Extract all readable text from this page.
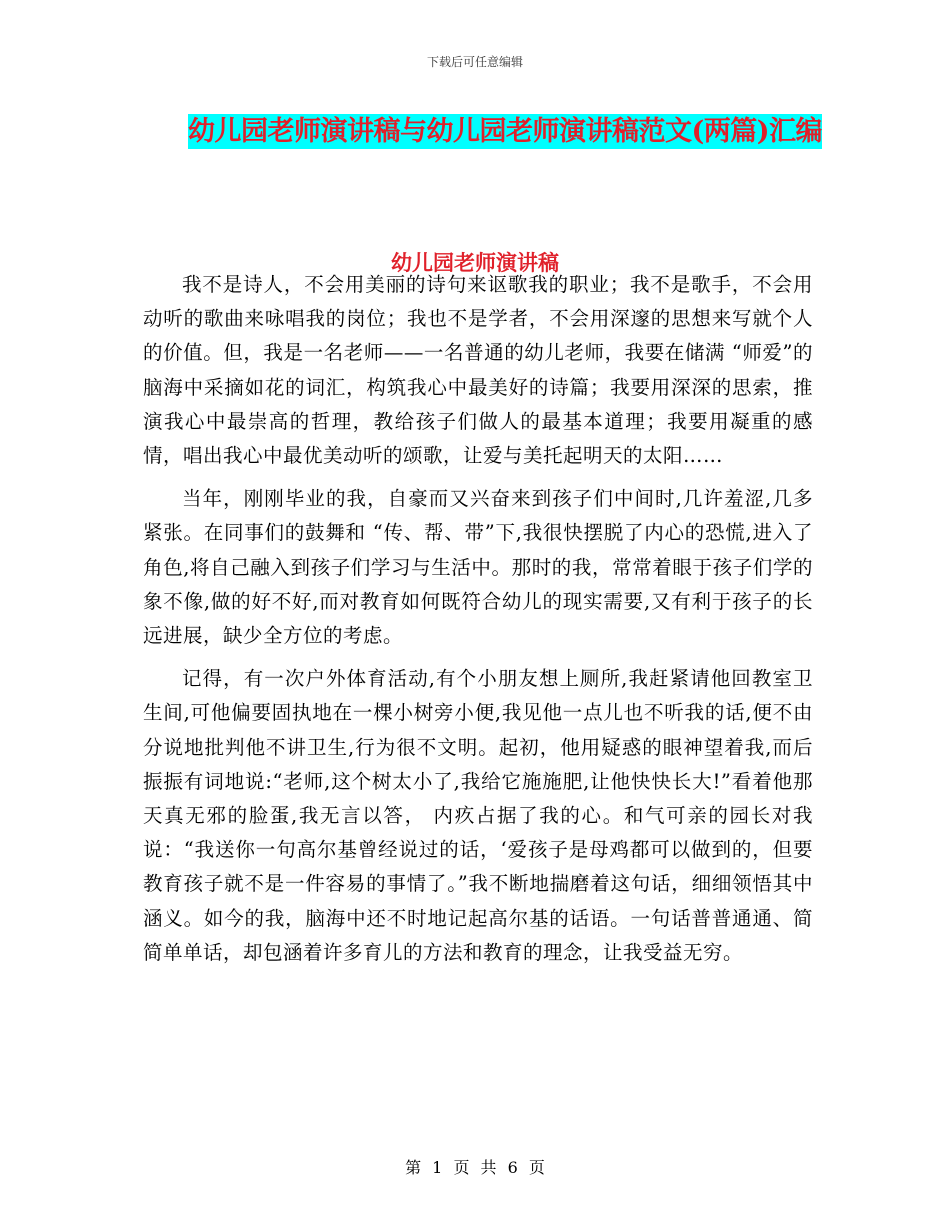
下载后可任意编辑
幼儿园老师演讲稿与幼儿园老师演讲稿范文(两篇)汇编
幼儿园老师演讲稿

我不是诗人，不会用美丽的诗句来讴歌我的职业；我不是歌手，不会用动听的歌曲来咏唱我的岗位；我也不是学者，不会用深邃的思想来写就个人的价值。但，我是一名老师——一名普通的幼儿老师，我要在储满 “师爱”的脑海中采摘如花的词汇，构筑我心中最美好的诗篇；我要用深深的思索，推演我心中最崇高的哲理，教给孩子们做人的最基本道理；我要用凝重的感情，唱出我心中最优美动听的颂歌，让爱与美托起明天的太阳……

当年，刚刚毕业的我，自豪而又兴奋来到孩子们中间时,几许羞涩,几多紧张。在同事们的鼓舞和 “传、帮、带”下,我很快摆脱了内心的恐慌,进入了角色,将自己融入到孩子们学习与生活中。那时的我，常常着眼于孩子们学的象不像,做的好不好,而对教育如何既符合幼儿的现实需要,又有利于孩子的长远进展，缺少全方位的考虑。

记得，有一次户外体育活动,有个小朋友想上厕所,我赶紧请他回教室卫生间,可他偏要固执地在一棵小树旁小便,我见他一点儿也不听我的话,便不由分说地批判他不讲卫生,行为很不文明。起初，他用疑惑的眼神望着我,而后振振有词地说:“老师,这个树太小了,我给它施施肥,让他快快长大!”看着他那天真无邪的脸蛋,我无言以答， 内疚占据了我的心。和气可亲的园长对我说：“我送你一句高尔基曾经说过的话，‘爱孩子是母鸡都可以做到的，但要教育孩子就不是一件容易的事情了。”我不断地揣磨着这句话，细细领悟其中涵义。如今的我，脑海中还不时地记起高尔基的话语。一句话普普通通、简简单单话，却包涵着许多育儿的方法和教育的理念，让我受益无穷。

第 1 页 共 6 页
